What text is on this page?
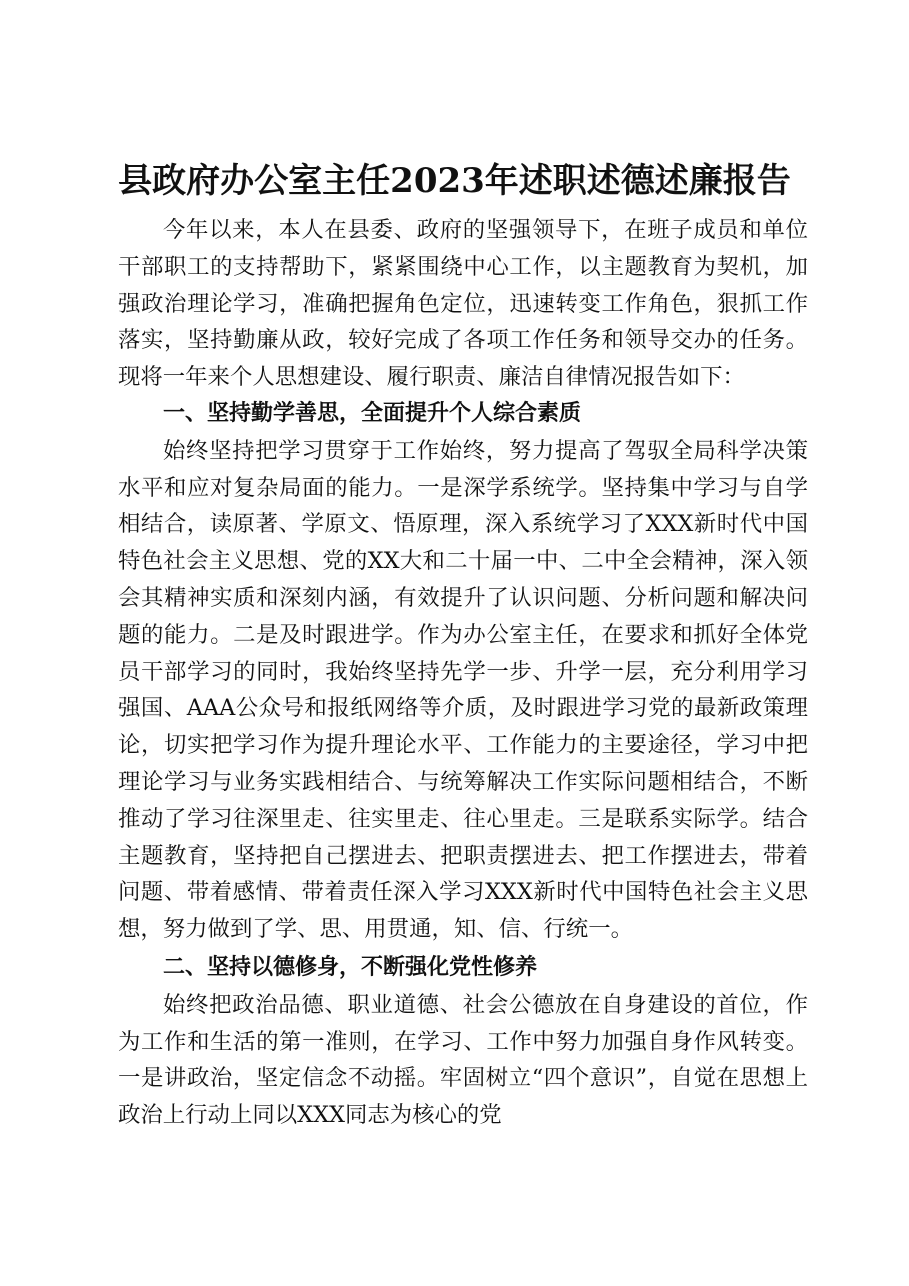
县政府办公室主任2023年述职述德述廉报告

今年以来，本人在县委、政府的坚强领导下，在班子成员和单位干部职工的支持帮助下，紧紧围绕中心工作，以主题教育为契机，加强政治理论学习，准确把握角色定位，迅速转变工作角色，狠抓工作落实，坚持勤廉从政，较好完成了各项工作任务和领导交办的任务。现将一年来个人思想建设、履行职责、廉洁自律情况报告如下：

一、坚持勤学善思，全面提升个人综合素质

始终坚持把学习贯穿于工作始终，努力提高了驾驭全局科学决策水平和应对复杂局面的能力。一是深学系统学。坚持集中学习与自学相结合，读原著、学原文、悟原理，深入系统学习了XXX新时代中国特色社会主义思想、党的XX大和二十届一中、二中全会精神，深入领会其精神实质和深刻内涵，有效提升了认识问题、分析问题和解决问题的能力。二是及时跟进学。作为办公室主任，在要求和抓好全体党员干部学习的同时，我始终坚持先学一步、升学一层，充分利用学习强国、AAA公众号和报纸网络等介质，及时跟进学习党的最新政策理论，切实把学习作为提升理论水平、工作能力的主要途径，学习中把理论学习与业务实践相结合、与统筹解决工作实际问题相结合，不断推动了学习往深里走、往实里走、往心里走。三是联系实际学。结合主题教育，坚持把自己摆进去、把职责摆进去、把工作摆进去，带着问题、带着感情、带着责任深入学习XXX新时代中国特色社会主义思想，努力做到了学、思、用贯通，知、信、行统一。

二、坚持以德修身，不断强化党性修养

始终把政治品德、职业道德、社会公德放在自身建设的首位，作为工作和生活的第一准则，在学习、工作中努力加强自身作风转变。一是讲政治，坚定信念不动摇。牢固树立“四个意识”，自觉在思想上政治上行动上同以XXX同志为核心的党
